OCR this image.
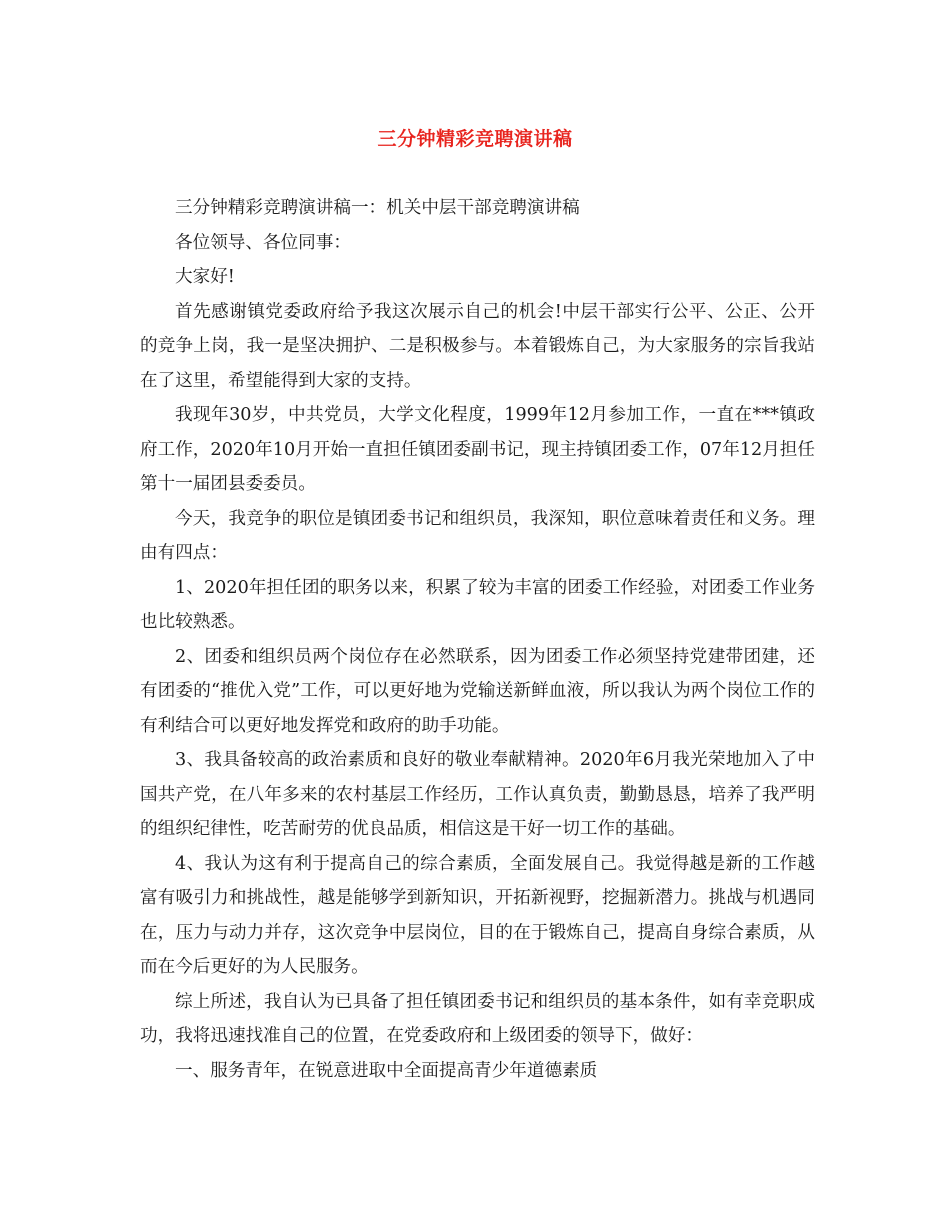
三分钟精彩竞聘演讲稿

三分钟精彩竞聘演讲稿一：机关中层干部竞聘演讲稿

各位领导、各位同事：

大家好!

首先感谢镇党委政府给予我这次展示自己的机会!中层干部实行公平、公正、公开的竞争上岗，我一是坚决拥护、二是积极参与。本着锻炼自己，为大家服务的宗旨我站在了这里，希望能得到大家的支持。

我现年30岁，中共党员，大学文化程度，1999年12月参加工作，一直在***镇政府工作，2020年10月开始一直担任镇团委副书记，现主持镇团委工作，07年12月担任第十一届团县委委员。

今天，我竞争的职位是镇团委书记和组织员，我深知，职位意味着责任和义务。理由有四点：

1、2020年担任团的职务以来，积累了较为丰富的团委工作经验，对团委工作业务也比较熟悉。

2、团委和组织员两个岗位存在必然联系，因为团委工作必须坚持党建带团建，还有团委的“推优入党”工作，可以更好地为党输送新鲜血液，所以我认为两个岗位工作的有利结合可以更好地发挥党和政府的助手功能。

3、我具备较高的政治素质和良好的敬业奉献精神。2020年6月我光荣地加入了中国共产党，在八年多来的农村基层工作经历，工作认真负责，勤勤恳恳，培养了我严明的组织纪律性，吃苦耐劳的优良品质，相信这是干好一切工作的基础。

4、我认为这有利于提高自己的综合素质，全面发展自己。我觉得越是新的工作越富有吸引力和挑战性，越是能够学到新知识，开拓新视野，挖掘新潜力。挑战与机遇同在，压力与动力并存，这次竞争中层岗位，目的在于锻炼自己，提高自身综合素质，从而在今后更好的为人民服务。

综上所述，我自认为已具备了担任镇团委书记和组织员的基本条件，如有幸竞职成功，我将迅速找准自己的位置，在党委政府和上级团委的领导下，做好：

一、服务青年，在锐意进取中全面提高青少年道德素质
